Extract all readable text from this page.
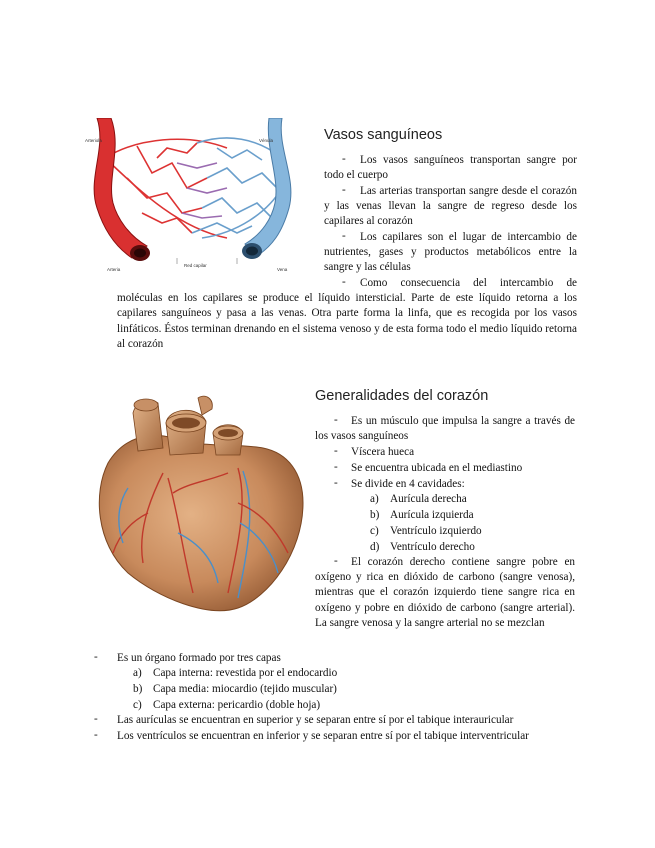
Arteriola	Vénula
Arteria
Red capilar
Vena
Vasos sanguíneos
-	Los vasos sanguíneos transportan sangre por todo el cuerpo

-	Las arterias transportan sangre desde el corazón y las venas llevan la sangre de regreso desde los capilares al corazón

-	Los capilares son el lugar de intercambio de nutrientes, gases y productos metabólicos entre la sangre y las células

-	Como consecuencia del intercambio de moléculas en los capilares se produce el líquido intersticial. Parte de este líquido retorna a los capilares sanguíneos y pasa a las venas. Otra parte forma la linfa, que es recogida por los vasos linfáticos. Éstos terminan drenando en el sistema venoso y de esta forma todo el medio líquido retorna al corazón

Generalidades del corazón
-	Es un músculo que impulsa la sangre a través de los vasos sanguíneos

- Víscera hueca
- Se encuentra ubicada en el mediastino
- Se divide en 4 cavidades:
a) Aurícula derecha
b) Aurícula izquierda
c) Ventrículo izquierdo
d) Ventrículo derecho
-	El corazón derecho contiene sangre pobre en oxígeno y rica en dióxido de carbono (sangre venosa), mientras que el corazón izquierdo tiene sangre rica en oxígeno y pobre en dióxido de carbono (sangre arterial). La sangre venosa y la sangre arterial no se mezclan

- Es un órgano formado por tres capas
a) Capa interna: revestida por el endocardio
b) Capa media: miocardio (tejido muscular)
c) Capa externa: pericardio (doble hoja)
- Las aurículas se encuentran en superior y se separan entre sí por el tabique interauricular
- Los ventrículos se encuentran en inferior y se separan entre sí por el tabique interventricular
